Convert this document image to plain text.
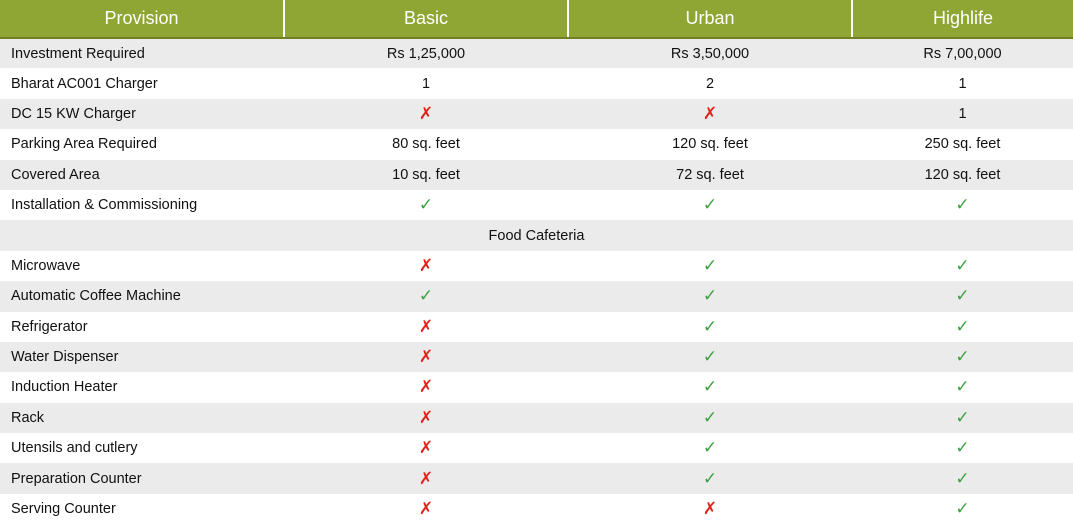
Provision	Basic	Urban	Highlife
Investment Required	Rs 1,25,000	Rs 3,50,000	Rs 7,00,000
Bharat AC001 Charger	1	2	1
DC 15 KW Charger	✗	✗	1
Parking Area Required	80 sq. feet	120 sq. feet	250 sq. feet
Covered Area	10 sq. feet	72 sq. feet	120 sq. feet
Installation & Commissioning	✓	✓	✓
Food Cafeteria			
Microwave	✗	✓	✓
Automatic Coffee Machine	✓	✓	✓
Refrigerator	✗	✓	✓
Water Dispenser	✗	✓	✓
Induction Heater	✗	✓	✓
Rack	✗	✓	✓
Utensils and cutlery	✗	✓	✓
Preparation Counter	✗	✓	✓
Serving Counter	✗	✗	✓
